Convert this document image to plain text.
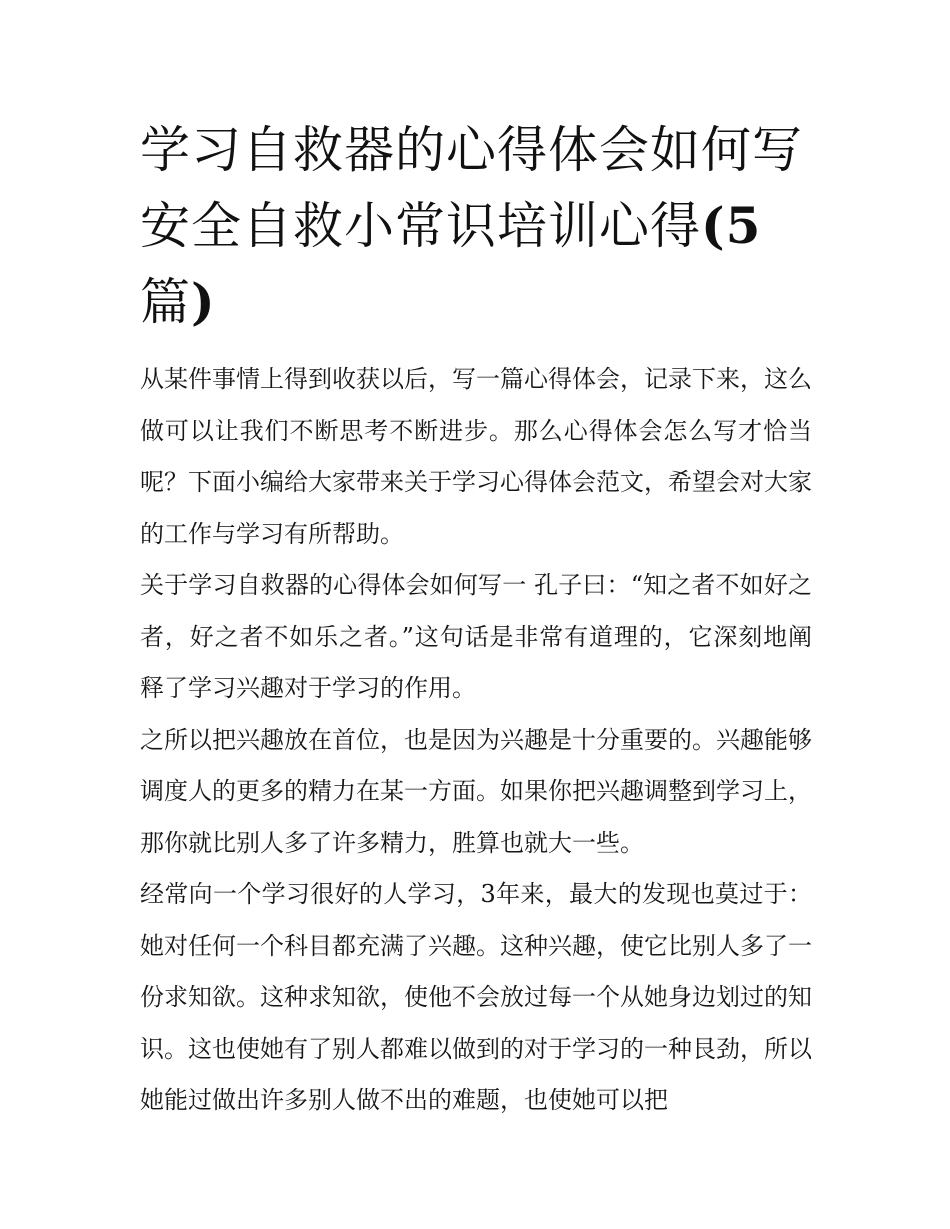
学习自救器的心得体会如何写安全自救小常识培训心得(5篇)

从某件事情上得到收获以后，写一篇心得体会，记录下来，这么做可以让我们不断思考不断进步。那么心得体会怎么写才恰当呢？下面小编给大家带来关于学习心得体会范文，希望会对大家的工作与学习有所帮助。

关于学习自救器的心得体会如何写一 孔子曰：“知之者不如好之者，好之者不如乐之者。”这句话是非常有道理的，它深刻地阐释了学习兴趣对于学习的作用。

之所以把兴趣放在首位，也是因为兴趣是十分重要的。兴趣能够调度人的更多的精力在某一方面。如果你把兴趣调整到学习上，那你就比别人多了许多精力，胜算也就大一些。

经常向一个学习很好的人学习，3年来，最大的发现也莫过于：她对任何一个科目都充满了兴趣。这种兴趣，使它比别人多了一份求知欲。这种求知欲，使他不会放过每一个从她身边划过的知识。这也使她有了别人都难以做到的对于学习的一种艮劲，所以她能过做出许多别人做不出的难题，也使她可以把
